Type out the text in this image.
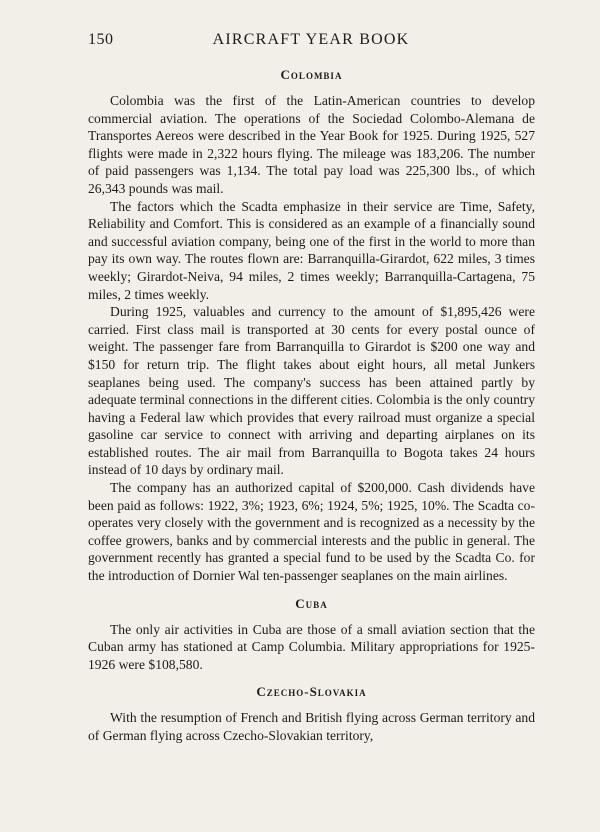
150	AIRCRAFT YEAR BOOK
Colombia

Colombia was the first of the Latin-American countries to develop commercial aviation. The operations of the Sociedad Colombo-Alemana de Transportes Aereos were described in the Year Book for 1925. During 1925, 527 flights were made in 2,322 hours flying. The mileage was 183,206. The number of paid passengers was 1,134. The total pay load was 225,300 lbs., of which 26,343 pounds was mail.

The factors which the Scadta emphasize in their service are Time, Safety, Reliability and Comfort. This is considered as an example of a financially sound and successful aviation company, being one of the first in the world to more than pay its own way. The routes flown are: Barranquilla-Girardot, 622 miles, 3 times weekly; Girardot-Neiva, 94 miles, 2 times weekly; Barranquilla-Cartagena, 75 miles, 2 times weekly.

During 1925, valuables and currency to the amount of $1,895,426 were carried. First class mail is transported at 30 cents for every postal ounce of weight. The passenger fare from Barranquilla to Girardot is $200 one way and $150 for return trip. The flight takes about eight hours, all metal Junkers seaplanes being used. The company's success has been attained partly by adequate terminal connections in the different cities. Colombia is the only country having a Federal law which provides that every railroad must organize a special gasoline car service to connect with arriving and departing airplanes on its established routes. The air mail from Barranquilla to Bogota takes 24 hours instead of 10 days by ordinary mail.

The company has an authorized capital of $200,000. Cash dividends have been paid as follows: 1922, 3%; 1923, 6%; 1924, 5%; 1925, 10%. The Scadta co-operates very closely with the government and is recognized as a necessity by the coffee growers, banks and by commercial interests and the public in general. The government recently has granted a special fund to be used by the Scadta Co. for the introduction of Dornier Wal ten-passenger seaplanes on the main airlines.

Cuba

The only air activities in Cuba are those of a small aviation section that the Cuban army has stationed at Camp Columbia. Military appropriations for 1925-1926 were $108,580.

Czecho-Slovakia

With the resumption of French and British flying across German territory and of German flying across Czecho-Slovakian territory,
